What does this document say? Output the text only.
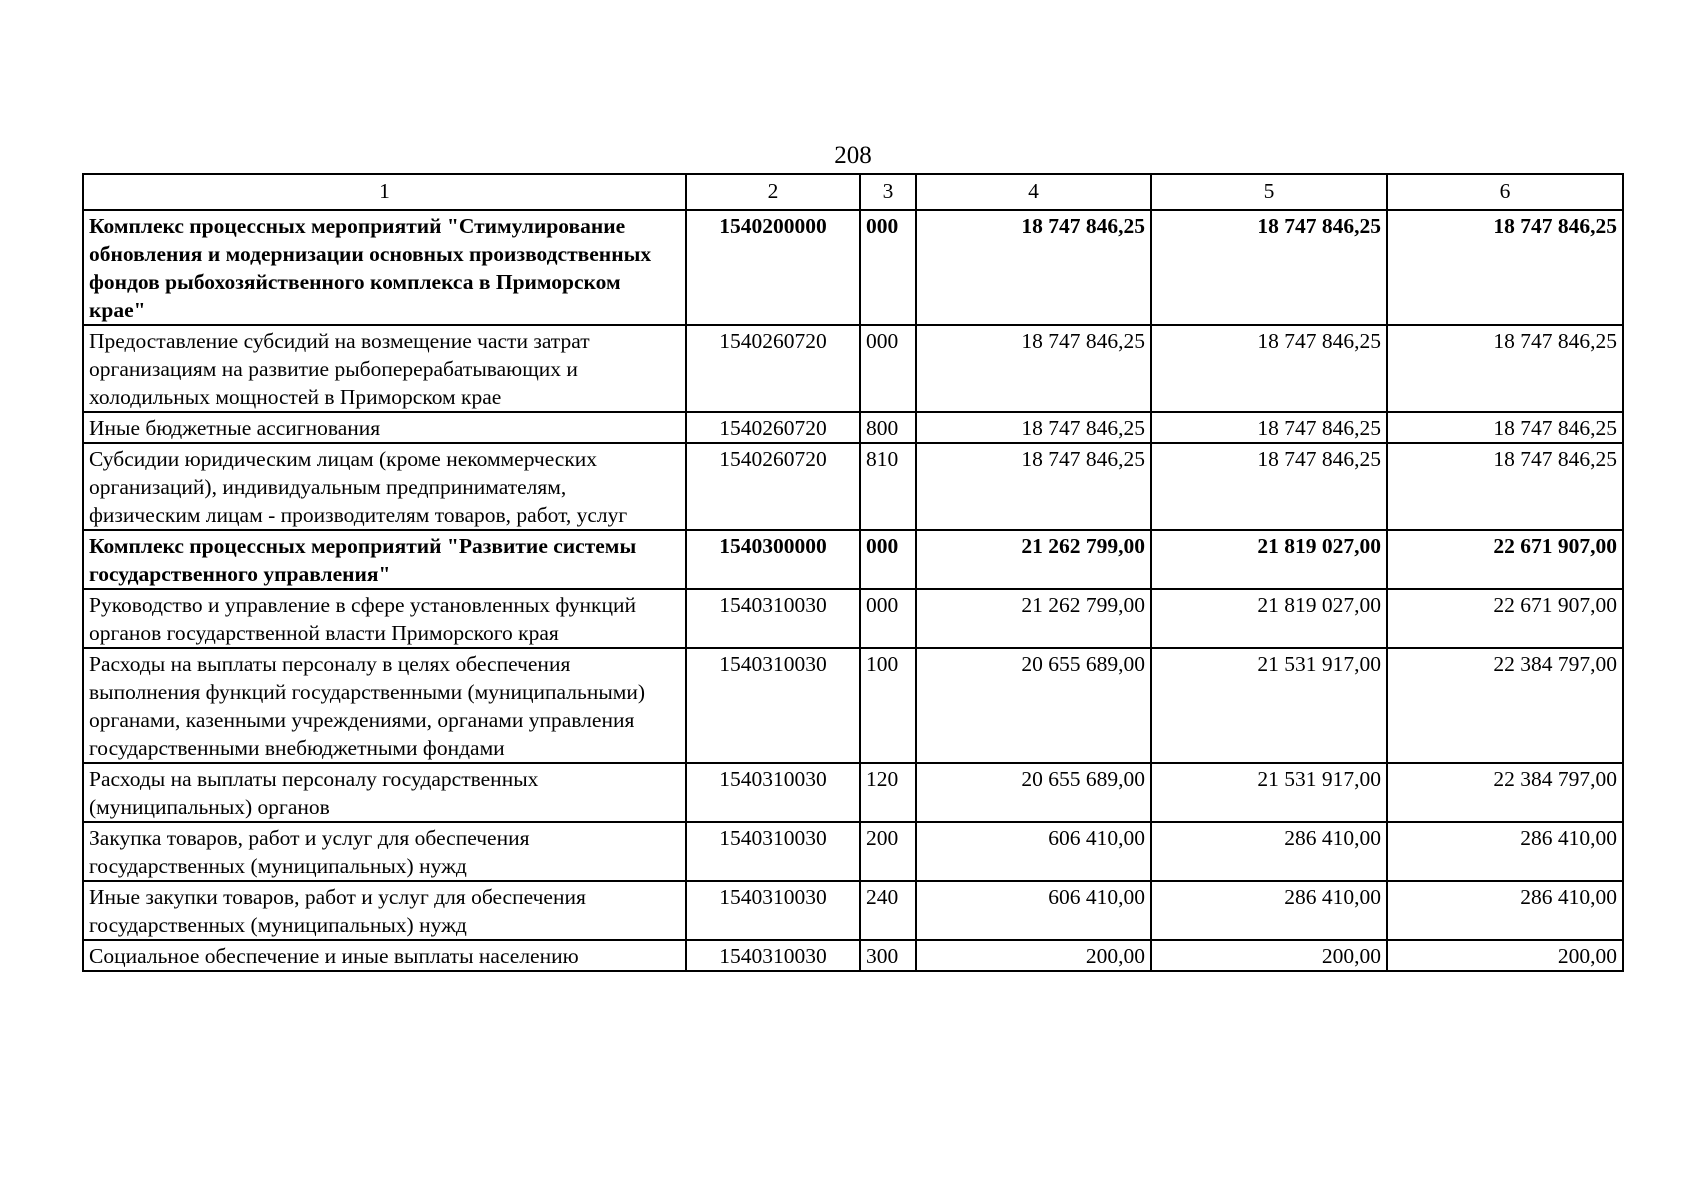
208
1	2	3	4	5	6
Комплекс процессных мероприятий "Стимулирование обновления и модернизации основных производственных фондов рыбохозяйственного комплекса в Приморском крае"	1540200000	000	18 747 846,25	18 747 846,25	18 747 846,25
Предоставление субсидий на возмещение части затрат организациям на развитие рыбоперерабатывающих и холодильных мощностей в Приморском крае	1540260720	000	18 747 846,25	18 747 846,25	18 747 846,25
Иные бюджетные ассигнования	1540260720	800	18 747 846,25	18 747 846,25	18 747 846,25
Субсидии юридическим лицам (кроме некоммерческих организаций), индивидуальным предпринимателям, физическим лицам - производителям товаров, работ, услуг	1540260720	810	18 747 846,25	18 747 846,25	18 747 846,25
Комплекс процессных мероприятий "Развитие системы государственного управления"	1540300000	000	21 262 799,00	21 819 027,00	22 671 907,00
Руководство и управление в сфере установленных функций органов государственной власти Приморского края	1540310030	000	21 262 799,00	21 819 027,00	22 671 907,00
Расходы на выплаты персоналу в целях обеспечения выполнения функций государственными (муниципальными) органами, казенными учреждениями, органами управления государственными внебюджетными фондами	1540310030	100	20 655 689,00	21 531 917,00	22 384 797,00
Расходы на выплаты персоналу государственных (муниципальных) органов	1540310030	120	20 655 689,00	21 531 917,00	22 384 797,00
Закупка товаров, работ и услуг для обеспечения государственных (муниципальных) нужд	1540310030	200	606 410,00	286 410,00	286 410,00
Иные закупки товаров, работ и услуг для обеспечения государственных (муниципальных) нужд	1540310030	240	606 410,00	286 410,00	286 410,00
Социальное обеспечение и иные выплаты населению	1540310030	300	200,00	200,00	200,00
